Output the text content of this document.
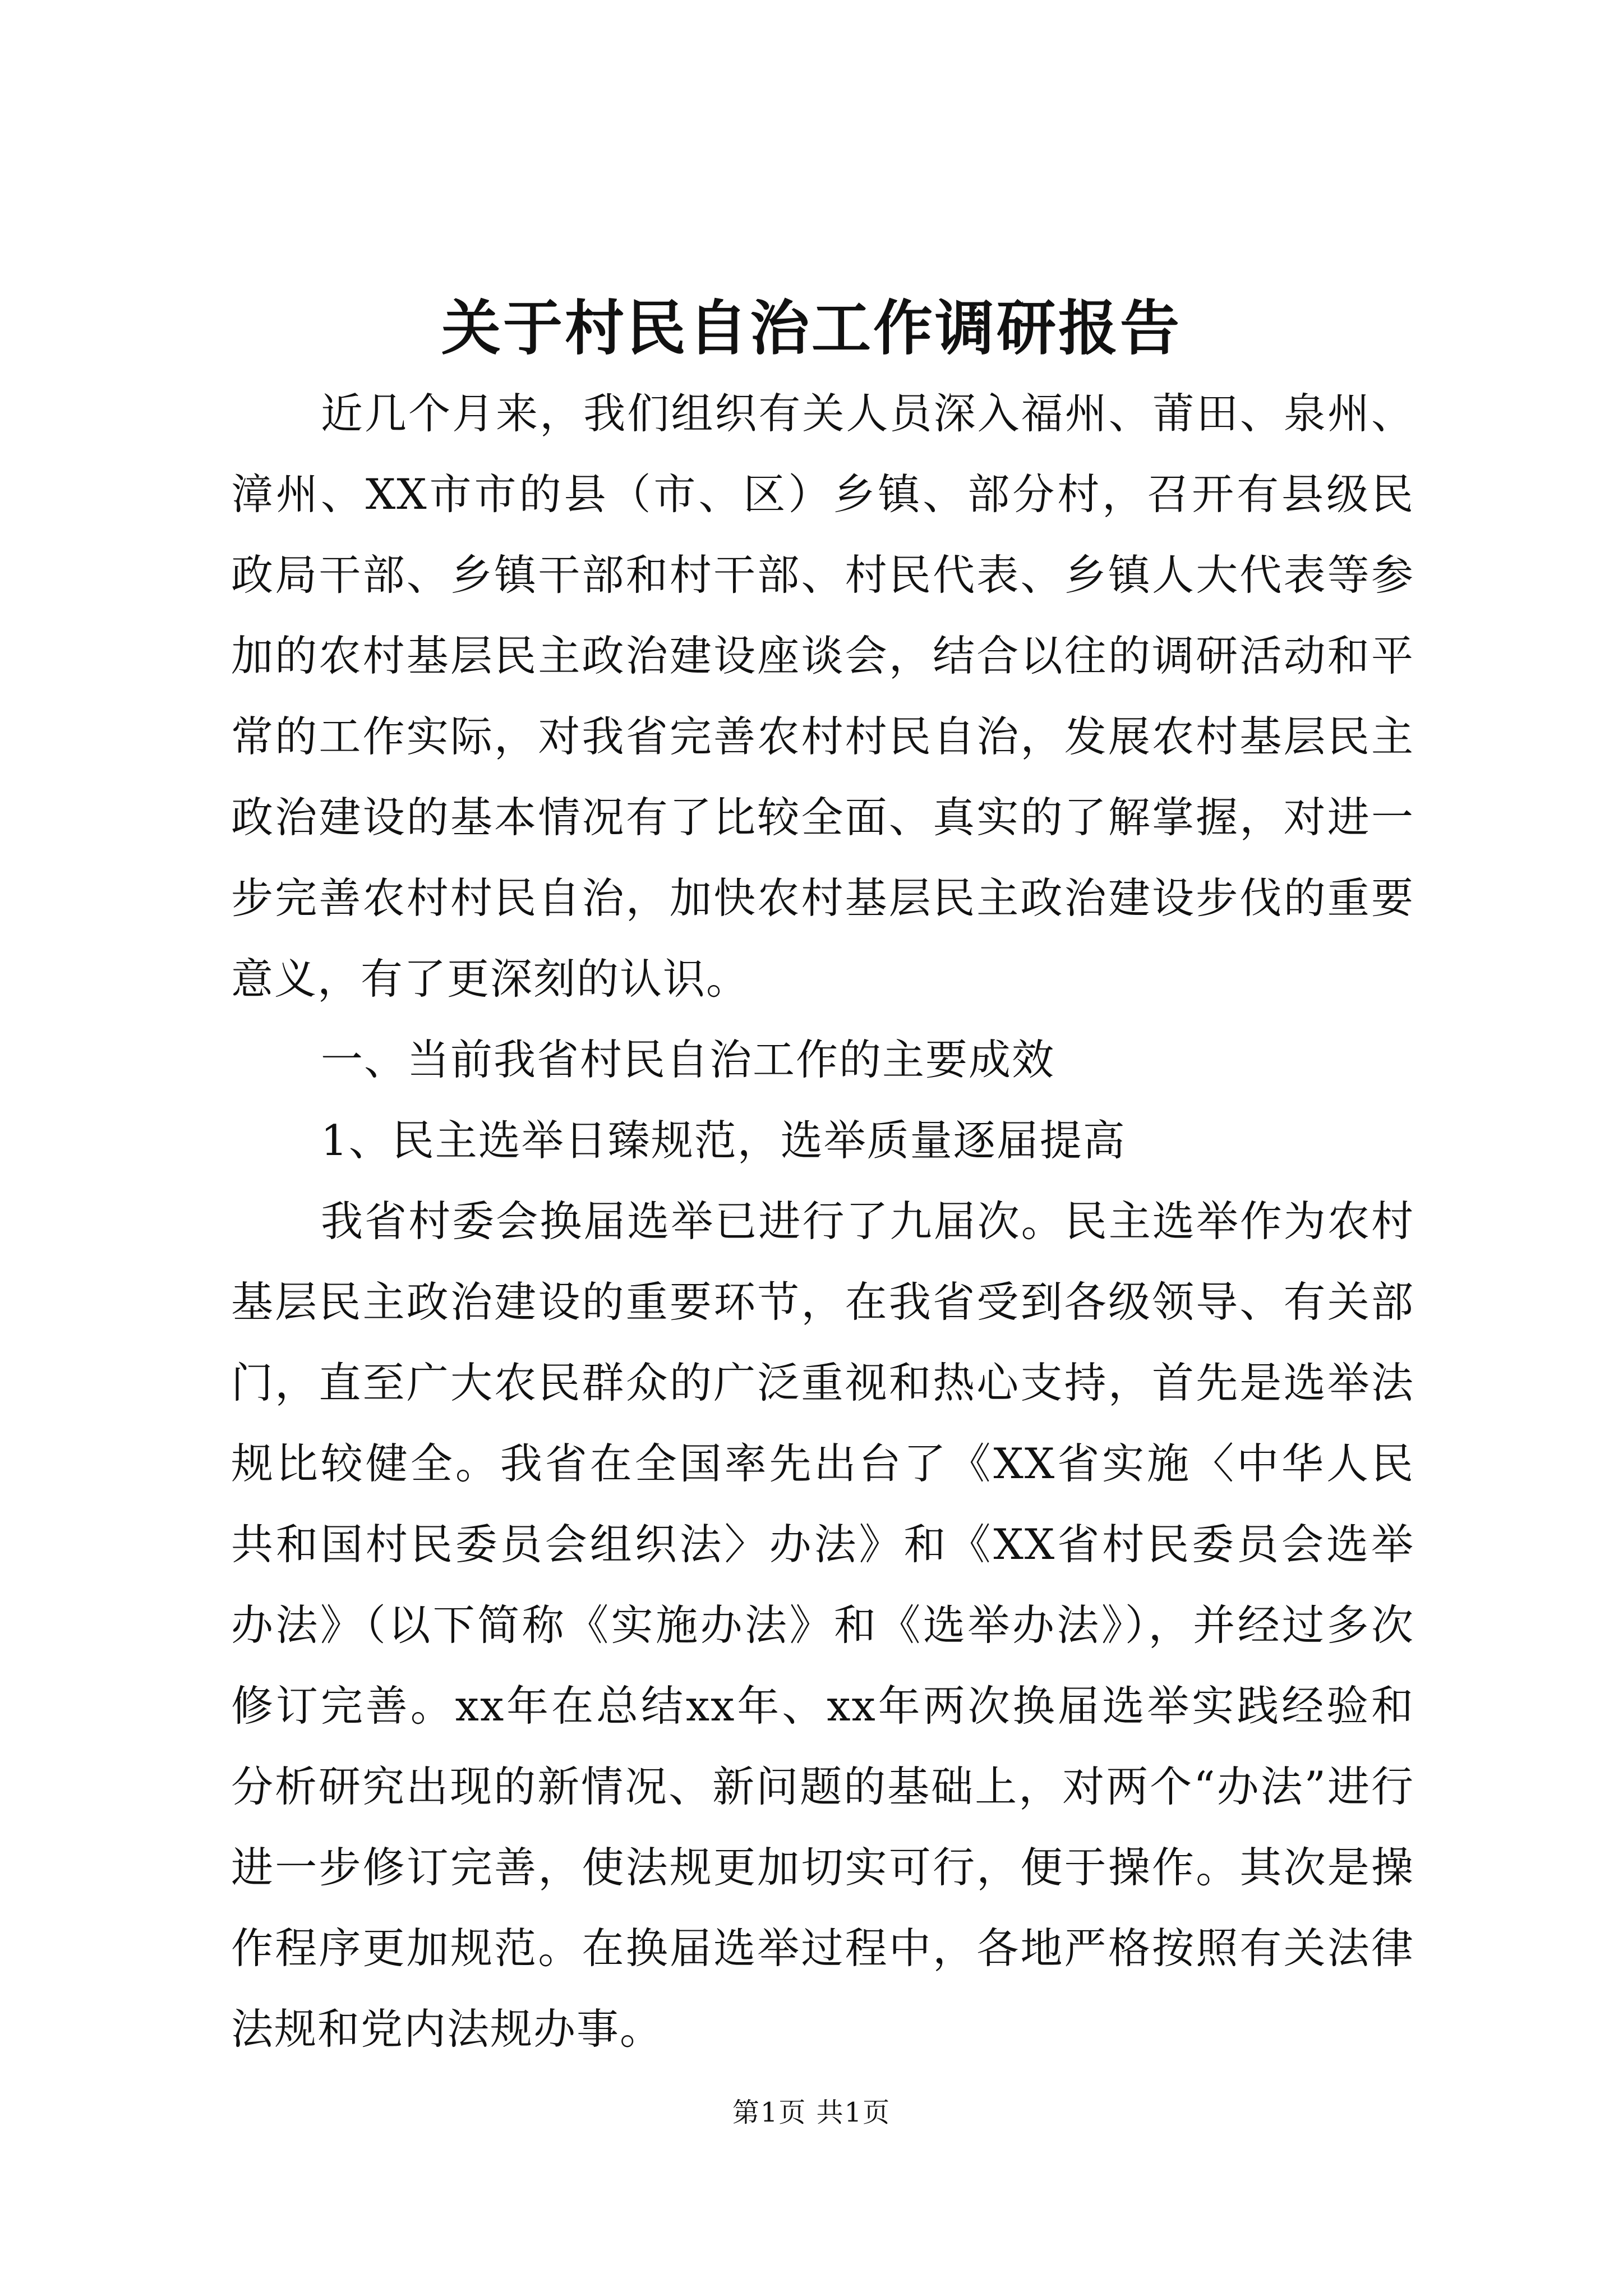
关于村民自治工作调研报告

近几个月来，我们组织有关人员深入福州、莆田、泉州、漳州、XX市市的县（市、区）乡镇、部分村，召开有县级民政局干部、乡镇干部和村干部、村民代表、乡镇人大代表等参加的农村基层民主政治建设座谈会，结合以往的调研活动和平常的工作实际，对我省完善农村村民自治，发展农村基层民主政治建设的基本情况有了比较全面、真实的了解掌握，对进一步完善农村村民自治，加快农村基层民主政治建设步伐的重要意义，有了更深刻的认识。

一、当前我省村民自治工作的主要成效

1、民主选举日臻规范，选举质量逐届提高

我省村委会换届选举已进行了九届次。民主选举作为农村基层民主政治建设的重要环节，在我省受到各级领导、有关部门，直至广大农民群众的广泛重视和热心支持，首先是选举法规比较健全。我省在全国率先出台了《XX省实施〈中华人民共和国村民委员会组织法〉办法》和《XX省村民委员会选举办法》（以下简称《实施办法》和《选举办法》），并经过多次修订完善。xx年在总结xx年、xx年两次换届选举实践经验和分析研究出现的新情况、新问题的基础上，对两个“办法”进行进一步修订完善，使法规更加切实可行，便于操作。其次是操作程序更加规范。在换届选举过程中，各地严格按照有关法律法规和党内法规办事。

第1页 共1页
